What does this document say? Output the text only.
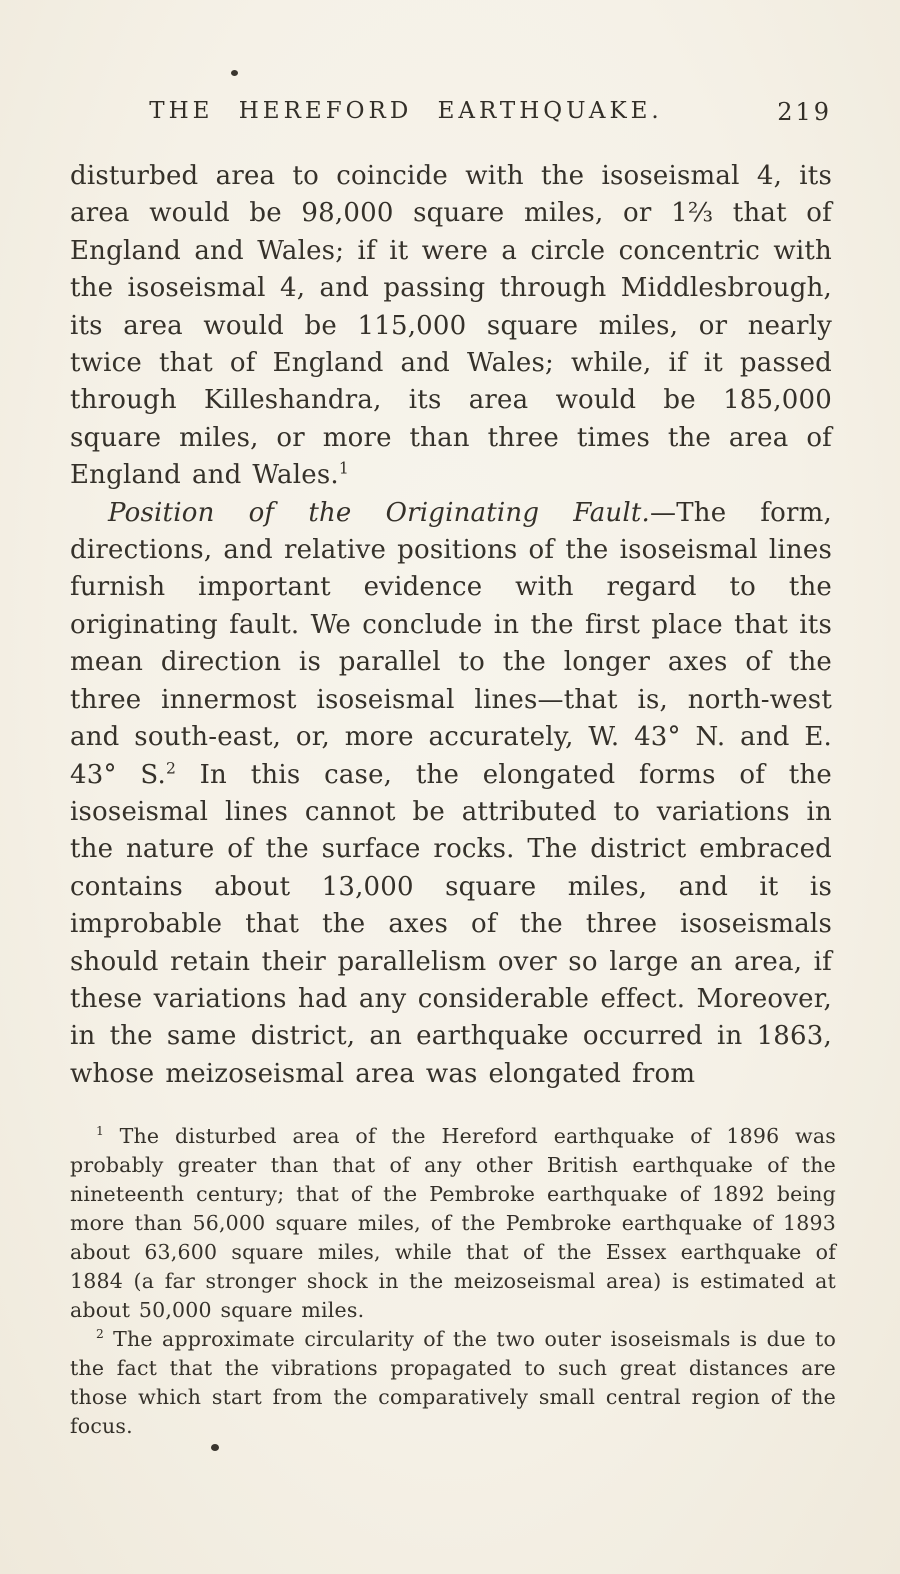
THE HEREFORD EARTHQUAKE.	219

disturbed area to coincide with the isoseismal 4, its area would be 98,000 square miles, or 1⅔ that of England and Wales; if it were a circle concentric with the isoseismal 4, and passing through Middlesbrough, its area would be 115,000 square miles, or nearly twice that of England and Wales; while, if it passed through Killeshandra, its area would be 185,000 square miles, or more than three times the area of England and Wales.$^1$

Position of the Originating Fault.—The form, directions, and relative positions of the isoseismal lines furnish important evidence with regard to the originating fault. We conclude in the first place that its mean direction is parallel to the longer axes of the three innermost isoseismal lines—that is, north-west and south-east, or, more accurately, W. 43° N. and E. 43° S.$^2$ In this case, the elongated forms of the isoseismal lines cannot be attributed to variations in the nature of the surface rocks. The district embraced contains about 13,000 square miles, and it is improbable that the axes of the three isoseismals should retain their parallelism over so large an area, if these variations had any considerable effect. Moreover, in the same district, an earthquake occurred in 1863, whose meizoseismal area was elongated from

$^1$ The disturbed area of the Hereford earthquake of 1896 was probably greater than that of any other British earthquake of the nineteenth century; that of the Pembroke earthquake of 1892 being more than 56,000 square miles, of the Pembroke earthquake of 1893 about 63,600 square miles, while that of the Essex earthquake of 1884 (a far stronger shock in the meizoseismal area) is estimated at about 50,000 square miles.

$^2$ The approximate circularity of the two outer isoseismals is due to the fact that the vibrations propagated to such great distances are those which start from the comparatively small central region of the focus.
